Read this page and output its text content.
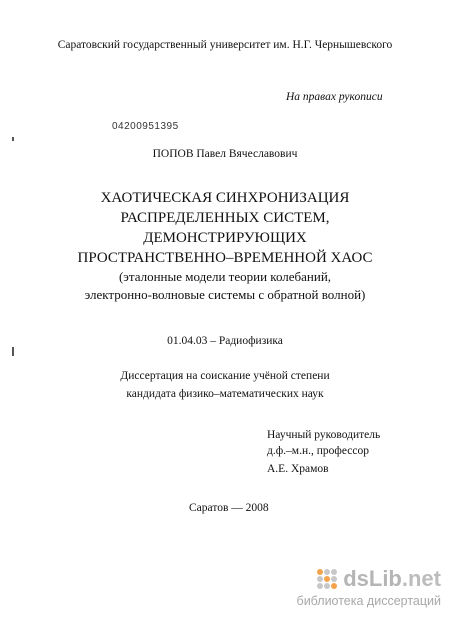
Саратовский государственный университет им. Н.Г. Чернышевского
На правах рукописи
04200951395
ПОПОВ Павел Вячеславович
ХАОТИЧЕСКАЯ СИНХРОНИЗАЦИЯ
РАСПРЕДЕЛЕННЫХ СИСТЕМ,
ДЕМОНСТРИРУЮЩИХ
ПРОСТРАНСТВЕННО–ВРЕМЕННОЙ ХАОС
(эталонные модели теории колебаний,
электронно-волновые системы с обратной волной)
01.04.03 – Радиофизика
Диссертация на соискание учёной степени
кандидата физико–математических наук
Научный руководитель
д.ф.–м.н., профессор
А.Е. Храмов
Саратов — 2008
dsLib.net
библиотека диссертаций
